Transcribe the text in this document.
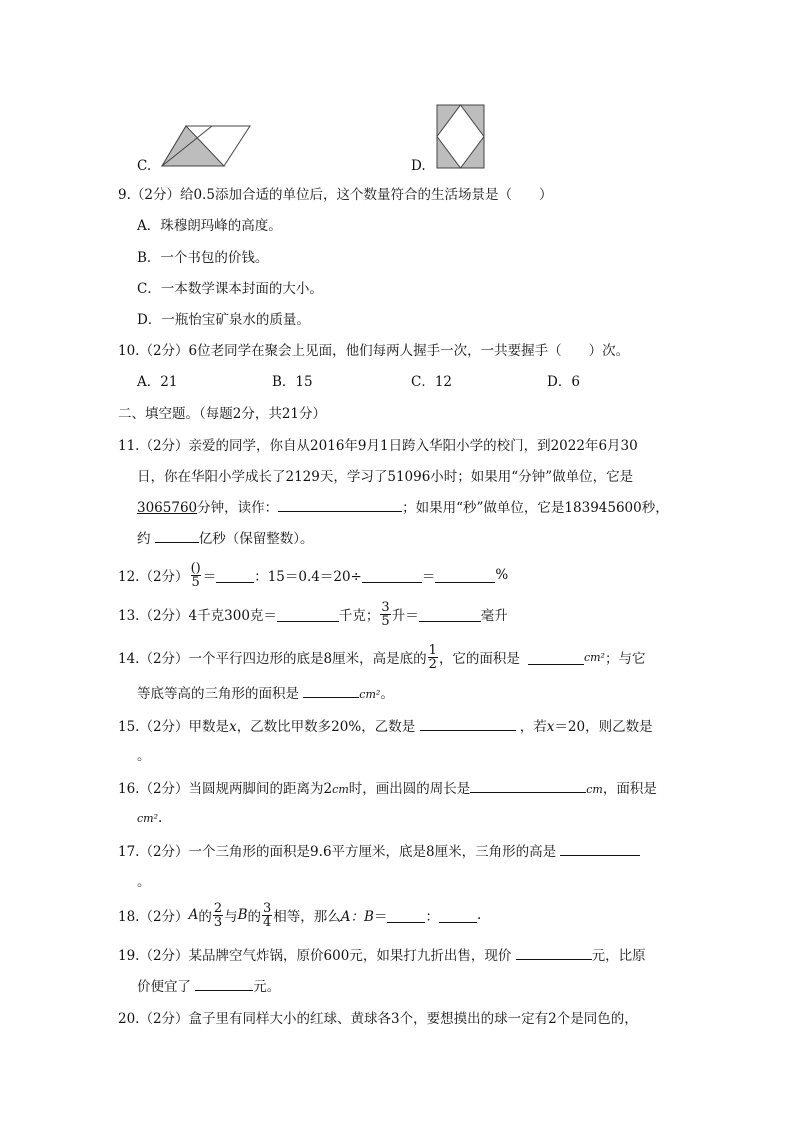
C.	D.
9.（2分）给0.5添加合适的单位后，这个数量符合的生活场景是（　　）
A．珠穆朗玛峰的高度。
B．一个书包的价钱。
C．一本数学课本封面的大小。
D．一瓶怡宝矿泉水的质量。
10.（2分）6位老同学在聚会上见面，他们每两人握手一次，一共要握手（　　）次。
A．21	B．15	C．12	D．6
二、填空题。（每题2分，共21分）
11.（2分）亲爱的同学，你自从2016年9月1日跨入华阳小学的校门，到2022年6月30
日，你在华阳小学成长了2129天，学习了51096小时；如果用“分钟”做单位，它是
3065760分钟，读作：	；如果用“秒”做单位，它是183945600秒，
约	亿秒（保留整数）。
12.（2分） $\frac{()}{5}$ ＝	：15＝0.4＝20÷	＝	%
13.（2分）4千克300克＝	千克； $\frac{3}{5}$ 升＝	毫升
14.（2分）一个平行四边形的底是8厘米，高是底的 $\frac{1}{2}$ ，它的面积是	cm² ；与它
等底等高的三角形的面积是	cm²。
15.（2分）甲数是x，乙数比甲数多20%，乙数是	，若x＝20，则乙数是
。
16.（2分）当圆规两脚间的距离为2cm时，画出圆的周长是	cm，面积是
cm².
17.（2分）一个三角形的面积是9.6平方厘米，底是8厘米，三角形的高是
。
18.（2分） A 的 $\frac{2}{3}$ 与 B 的 $\frac{3}{4}$ 相等，那么 A：B ＝	：	.
19.（2分）某品牌空气炸锅，原价600元，如果打九折出售，现价	元，比原
价便宜了	元。
20.（2分）盒子里有同样大小的红球、黄球各3个，要想摸出的球一定有2个是同色的，
